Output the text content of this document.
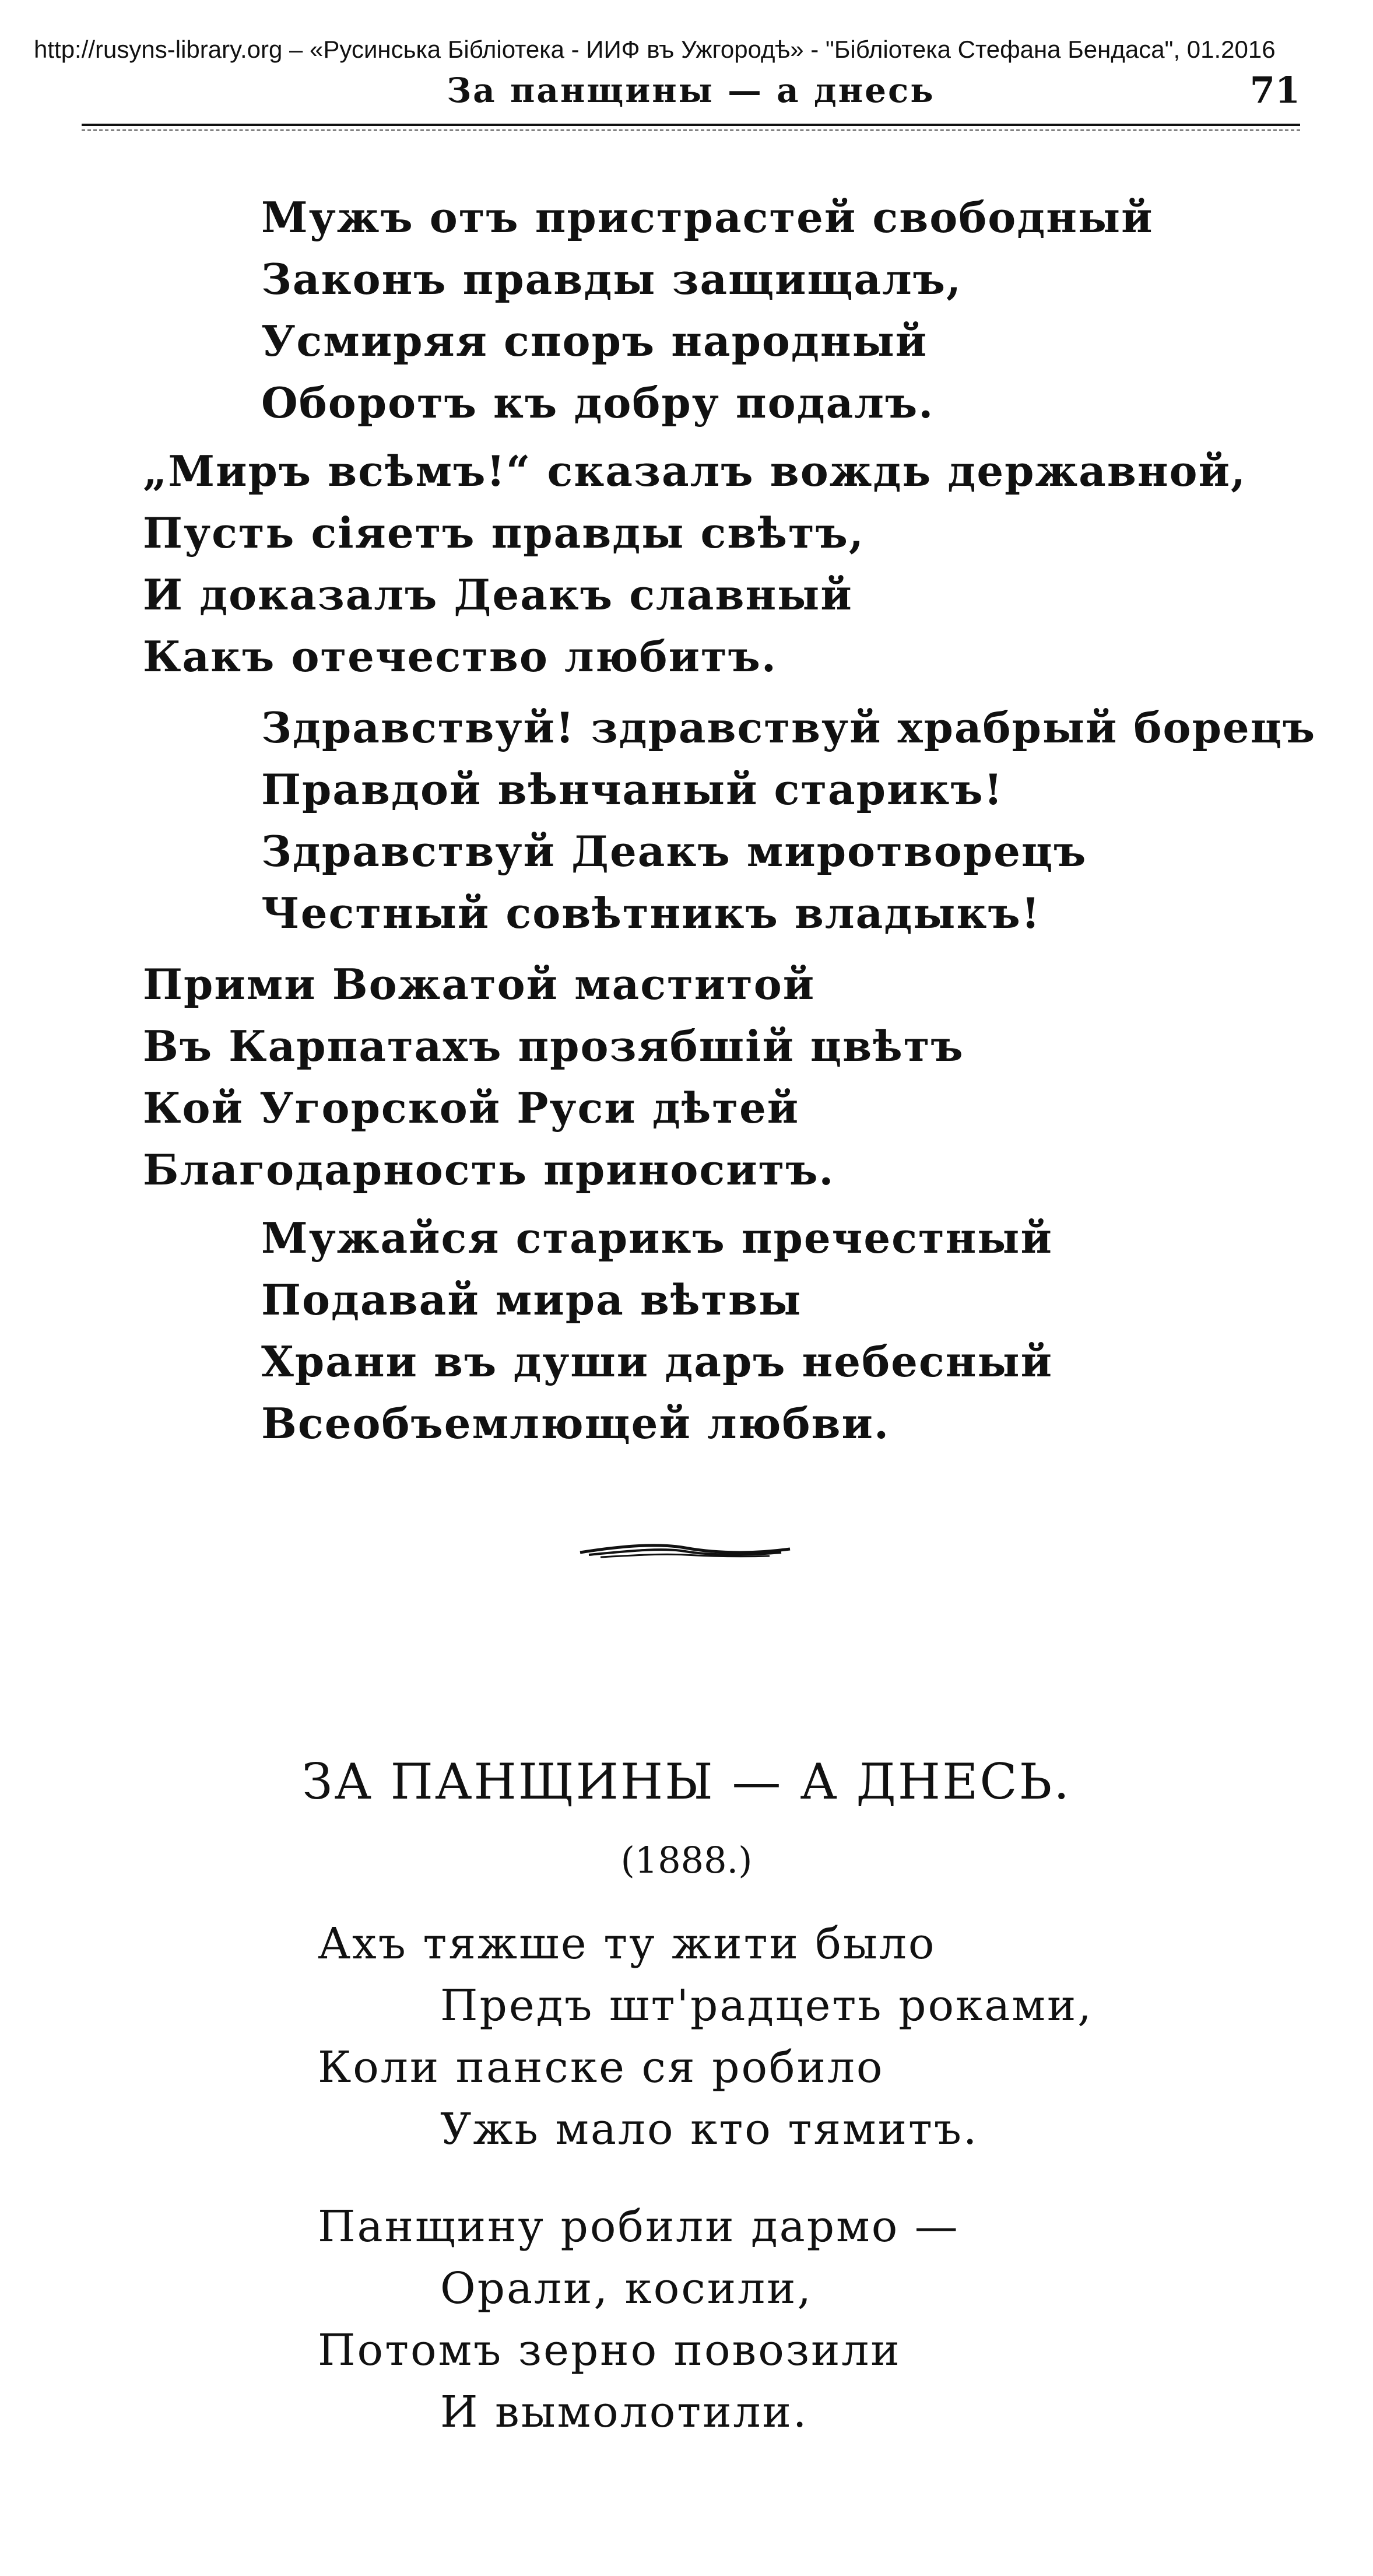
http://rusyns-library.org – «Русинська Бібліотека - ИИФ въ Ужгородѣ» - "Бібліотека Стефана Бендаса", 01.2016
За панщины — а днесь	71
Мужъ отъ пристрастей свободный
Законъ правды защищалъ,
Усмиряя споръ народный
Оборотъ къ добру подалъ.
„Миръ всѣмъ!“ сказалъ вождь державной,
Пусть сіяетъ правды свѣтъ,
И доказалъ Деакъ славный
Какъ отечество любитъ.
Здравствуй! здравствуй храбрый борецъ
Правдой вѣнчаный старикъ!
Здравствуй Деакъ миротворецъ
Честный совѣтникъ владыкъ!
Прими Вожатой маститой
Въ Карпатахъ прозябшій цвѣтъ
Кой Угорской Руси дѣтей
Благодарность приноситъ.
Мужайся старикъ пречестный
Подавай мира вѣтвы
Храни въ души даръ небесный
Всеобъемлющей любви.
ЗА ПАНЩИНЫ — А ДНЕСЬ.
(1888.)
Ахъ тяжше ту жити было
Предъ шт'радцеть роками,
Коли панске ся робило
Ужь мало кто тямитъ.
Панщину робили дармо —
Орали, косили,
Потомъ зерно повозили
И вымолотили.
